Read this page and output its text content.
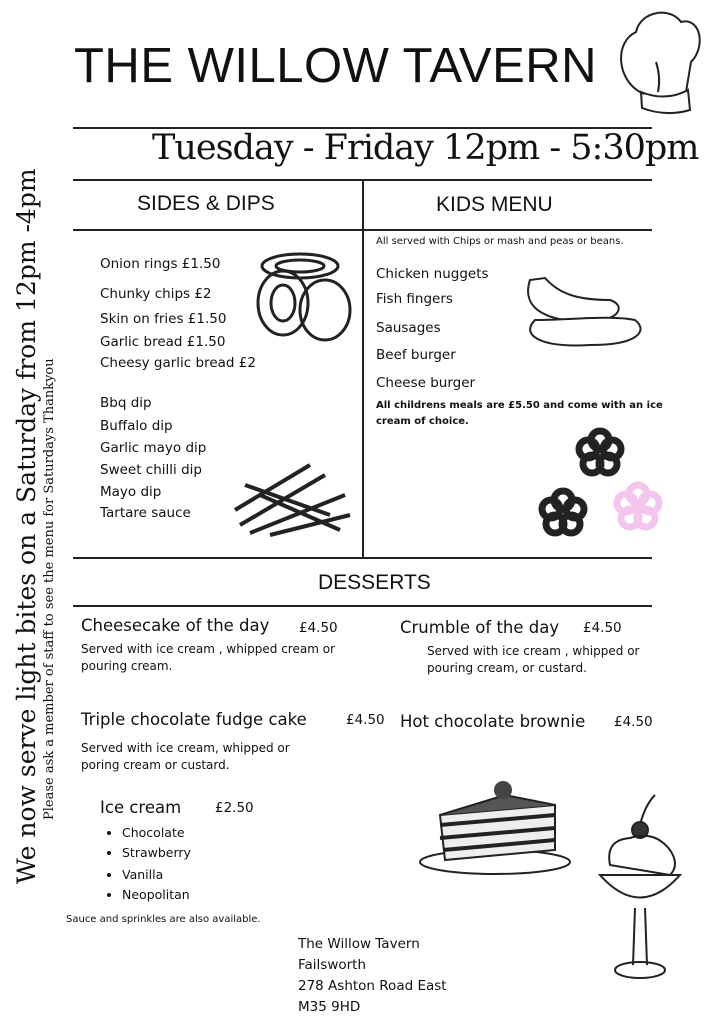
THE WILLOW TAVERN
Tuesday - Friday 12pm - 5:30pm
SIDES & DIPS	KIDS MENU
We now serve light bites on a Saturday from 12pm -4pm Please ask a member of staff to see the menu for Saturdays Thankyou
Onion rings £1.50
Chunky chips £2
Skin on fries £1.50
Garlic bread £1.50
Cheesy garlic bread £2
Bbq dip
Buffalo dip
Garlic mayo dip
Sweet chilli dip
Mayo dip
Tartare sauce
All served with Chips or mash and peas or beans.
Chicken nuggets
Fish fingers
Sausages
Beef burger
Cheese burger
All childrens meals are £5.50 and come with an ice cream of choice.
DESSERTS
Cheesecake of the day £4.50
Served with ice cream , whipped cream or pouring cream.
Crumble of the day £4.50
Served with ice cream , whipped or pouring cream, or custard.
Triple chocolate fudge cake	£4.50
Served with ice cream, whipped or poring cream or custard.
Hot chocolate brownie £4.50
Ice cream	£2.50
• Chocolate
• Strawberry
• Vanilla
• Neopolitan
Sauce and sprinkles are also available.
The Willow Tavern
Failsworth
278 Ashton Road East
M35 9HD
